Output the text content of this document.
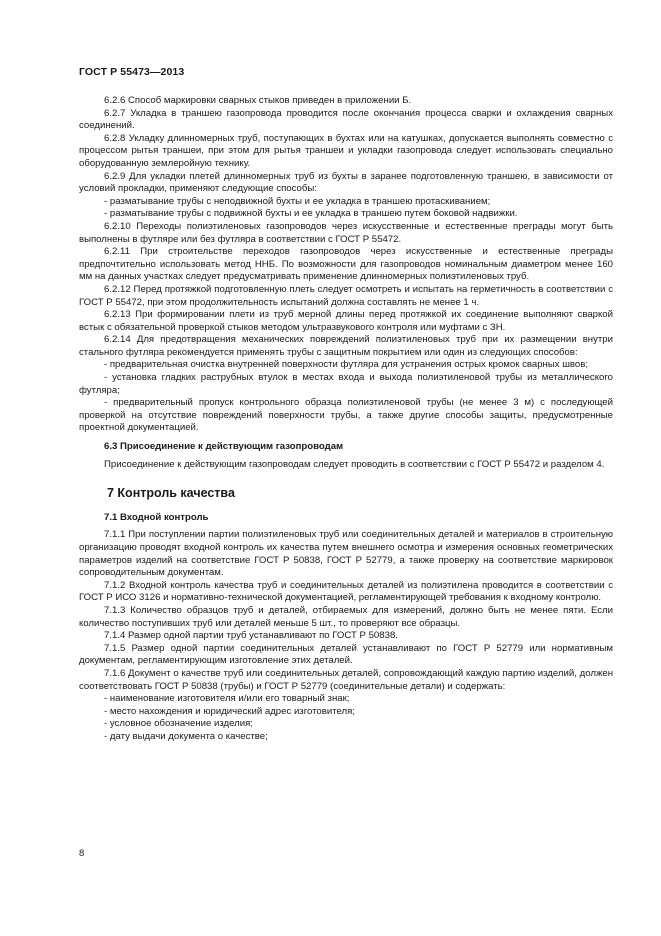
ГОСТ Р 55473—2013

6.2.6 Способ маркировки сварных стыков приведен в приложении Б.

6.2.7 Укладка в траншею газопровода проводится после окончания процесса сварки и охлаждения сварных соединений.

6.2.8 Укладку длинномерных труб, поступающих в бухтах или на катушках, допускается выполнять совместно с процессом рытья траншеи, при этом для рытья траншеи и укладки газопровода следует использовать специально оборудованную землеройную технику.

6.2.9 Для укладки плетей длинномерных труб из бухты в заранее подготовленную траншею, в зависимости от условий прокладки, применяют следующие способы:

- разматывание трубы с неподвижной бухты и ее укладка в траншею протаскиванием;

- разматывание трубы с подвижной бухты и ее укладка в траншею путем боковой надвижки.

6.2.10 Переходы полиэтиленовых газопроводов через искусственные и естественные преграды могут быть выполнены в футляре или без футляра в соответствии с ГОСТ Р 55472.

6.2.11 При строительстве переходов газопроводов через искусственные и естественные преграды предпочтительно использовать метод ННБ. По возможности для газопроводов номинальным диаметром менее 160 мм на данных участках следует предусматривать применение длинномерных полиэтиленовых труб.

6.2.12 Перед протяжкой подготовленную плеть следует осмотреть и испытать на герметичность в соответствии с ГОСТ Р 55472, при этом продолжительность испытаний должна составлять не менее 1 ч.

6.2.13 При формировании плети из труб мерной длины перед протяжкой их соединение выполняют сваркой встык с обязательной проверкой стыков методом ультразвукового контроля или муфтами с ЗН.

6.2.14 Для предотвращения механических повреждений полиэтиленовых труб при их размещении внутри стального футляра рекомендуется применять трубы с защитным покрытием или один из следующих способов:

- предварительная очистка внутренней поверхности футляра для устранения острых кромок сварных швов;

- установка гладких раструбных втулок в местах входа и выхода полиэтиленовой трубы из металлического футляра;

- предварительный пропуск контрольного образца полиэтиленовой трубы (не менее 3 м) с последующей проверкой на отсутствие повреждений поверхности трубы, а также другие способы защиты, предусмотренные проектной документацией.

6.3 Присоединение к действующим газопроводам

Присоединение к действующим газопроводам следует проводить в соответствии с ГОСТ Р 55472 и разделом 4.

7 Контроль качества

7.1 Входной контроль

7.1.1 При поступлении партии полиэтиленовых труб или соединительных деталей и материалов в строительную организацию проводят входной контроль их качества путем внешнего осмотра и измерения основных геометрических параметров изделий на соответствие ГОСТ Р 50838, ГОСТ Р 52779, а также проверку на соответствие маркировок сопроводительным документам.

7.1.2 Входной контроль качества труб и соединительных деталей из полиэтилена проводится в соответствии с ГОСТ Р ИСО 3126 и нормативно-технической документацией, регламентирующей требования к входному контролю.

7.1.3 Количество образцов труб и деталей, отбираемых для измерений, должно быть не менее пяти. Если количество поступивших труб или деталей меньше 5 шт., то проверяют все образцы.

7.1.4 Размер одной партии труб устанавливают по ГОСТ Р 50838.

7.1.5 Размер одной партии соединительных деталей устанавливают по ГОСТ Р 52779 или нормативным документам, регламентирующим изготовление этих деталей.

7.1.6 Документ о качестве труб или соединительных деталей, сопровождающий каждую партию изделий, должен соответствовать ГОСТ Р 50838 (трубы) и ГОСТ Р 52779 (соединительные детали) и содержать:

- наименование изготовителя и/или его товарный знак;

- место нахождения и юридический адрес изготовителя;

- условное обозначение изделия;

- дату выдачи документа о качестве;

8
